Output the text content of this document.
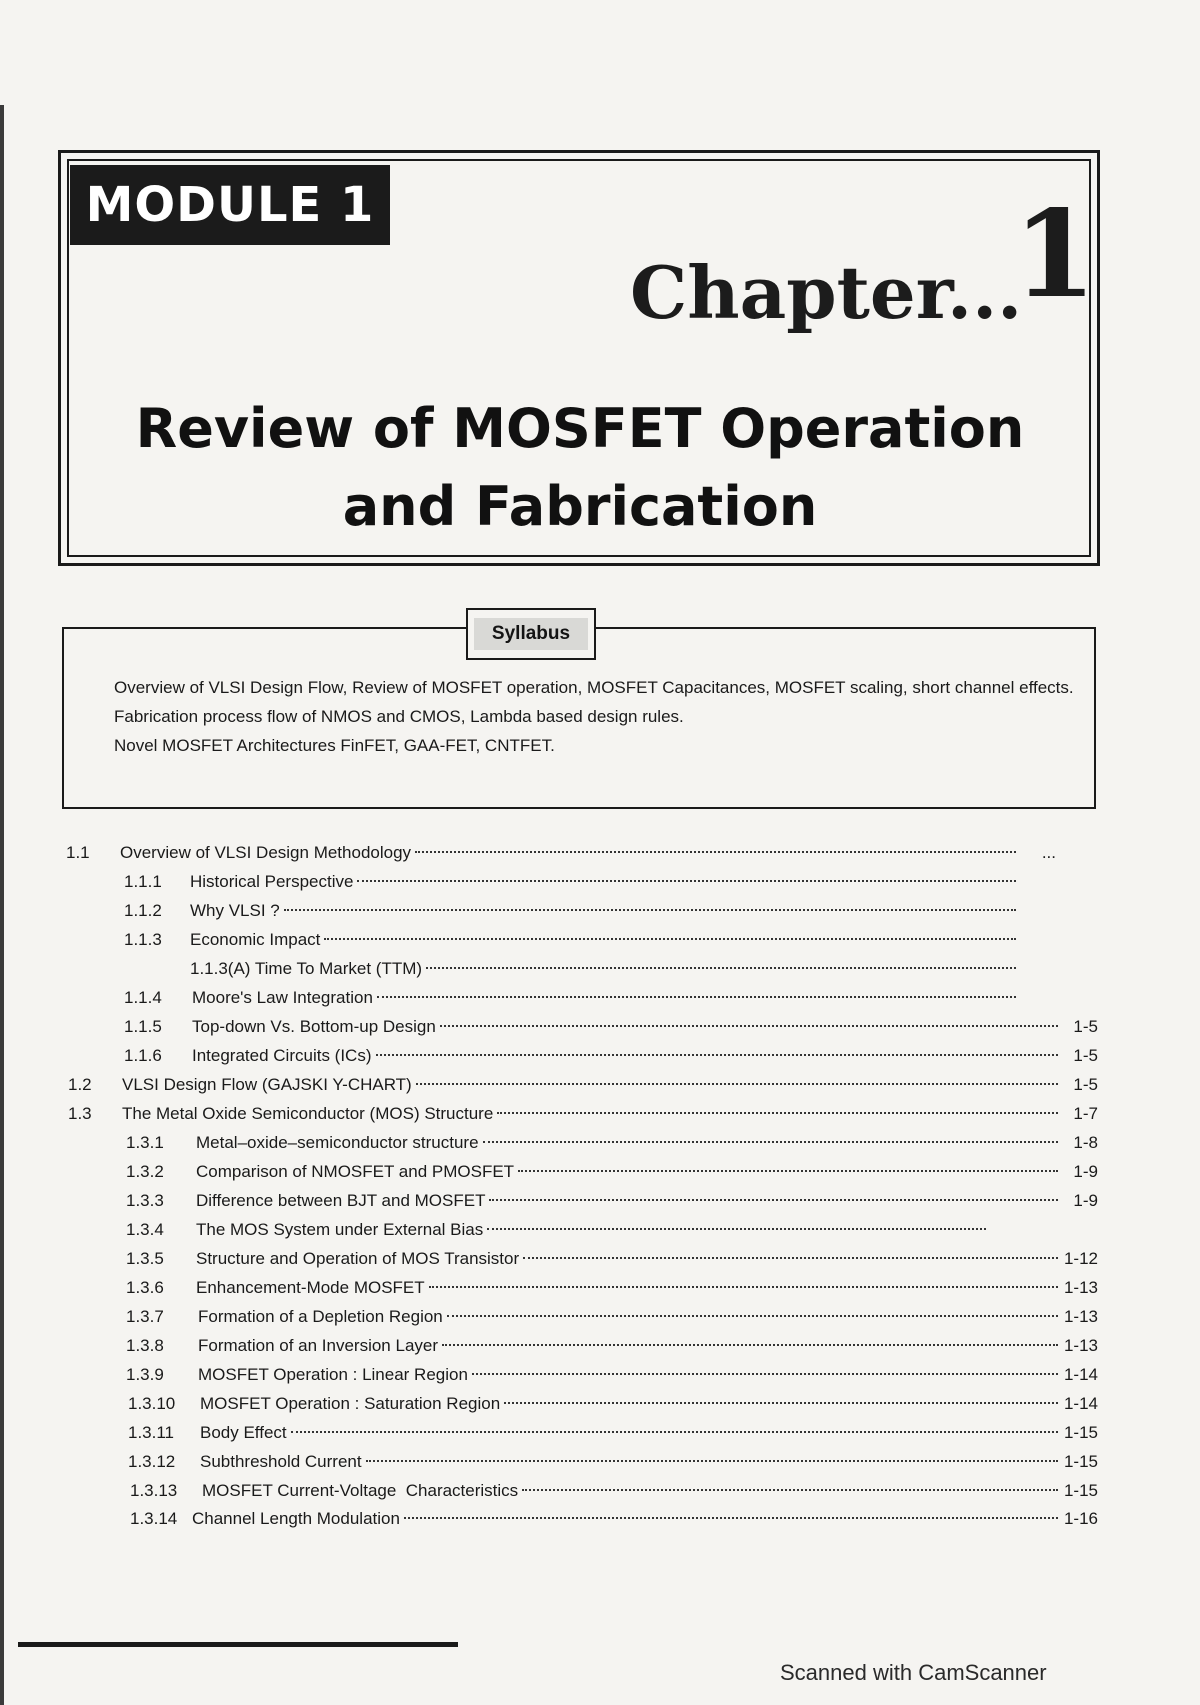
MODULE 1
Chapter...
1
Review of MOSFET Operation
and Fabrication
Syllabus

Overview of VLSI Design Flow, Review of MOSFET operation, MOSFET Capacitances, MOSFET scaling, short channel effects.

Fabrication process flow of NMOS and CMOS, Lambda based design rules.

Novel MOSFET Architectures FinFET, GAA-FET, CNTFET.

1.1	Overview of VLSI Design Methodology	...
1.1.1	Historical Perspective
1.1.2	Why VLSI ?
1.1.3	Economic Impact
1.1.3(A) Time To Market (TTM)
1.1.4	Moore's Law Integration
1.1.5	Top-down Vs. Bottom-up Design	1-5
1.1.6	Integrated Circuits (ICs)	1-5
1.2	VLSI Design Flow (GAJSKI Y-CHART)	1-5
1.3	The Metal Oxide Semiconductor (MOS) Structure	1-7
1.3.1	Metal–oxide–semiconductor structure	1-8
1.3.2	Comparison of NMOSFET and PMOSFET	1-9
1.3.3	Difference between BJT and MOSFET	1-9
1.3.4	The MOS System under External Bias
1.3.5	Structure and Operation of MOS Transistor	1-12
1.3.6	Enhancement-Mode MOSFET	1-13
1.3.7	Formation of a Depletion Region	1-13
1.3.8	Formation of an Inversion Layer	1-13
1.3.9	MOSFET Operation : Linear Region	1-14
1.3.10	MOSFET Operation : Saturation Region	1-14
1.3.11	Body Effect	1-15
1.3.12	Subthreshold Current	1-15
1.3.13	MOSFET Current-Voltage  Characteristics	1-15
1.3.14 Channel Length Modulation	1-16
Scanned with CamScanner
